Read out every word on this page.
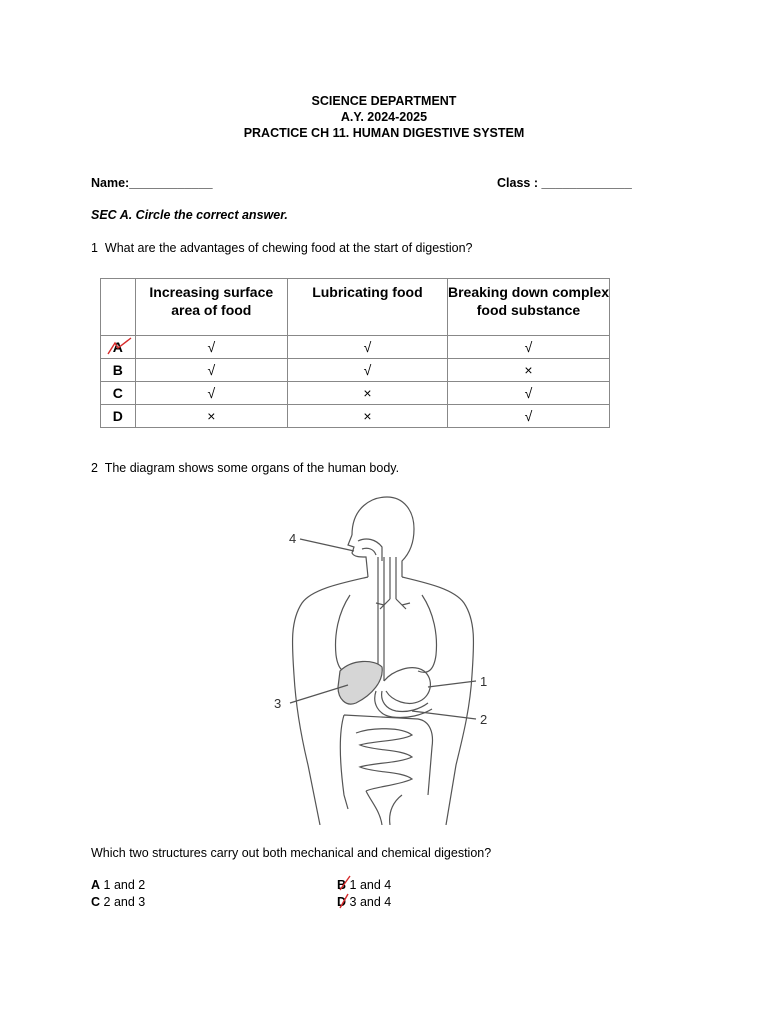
SCIENCE DEPARTMENT
A.Y. 2024-2025
PRACTICE CH 11. HUMAN DIGESTIVE SYSTEM
Name:____________	Class : _____________
SEC A. Circle the correct answer.
1 What are the advantages of chewing food at the start of digestion?
	Increasing surface area of food	Lubricating food	Breaking down complex food substance
A	√	√	√
B	√	√	×
C	√	×	√
D	×	×	√
2 The diagram shows some organs of the human body.
1
2
3
4
Which two structures carry out both mechanical and chemical digestion?
A 1 and 2	B 1 and 4
C 2 and 3	D 3 and 4
